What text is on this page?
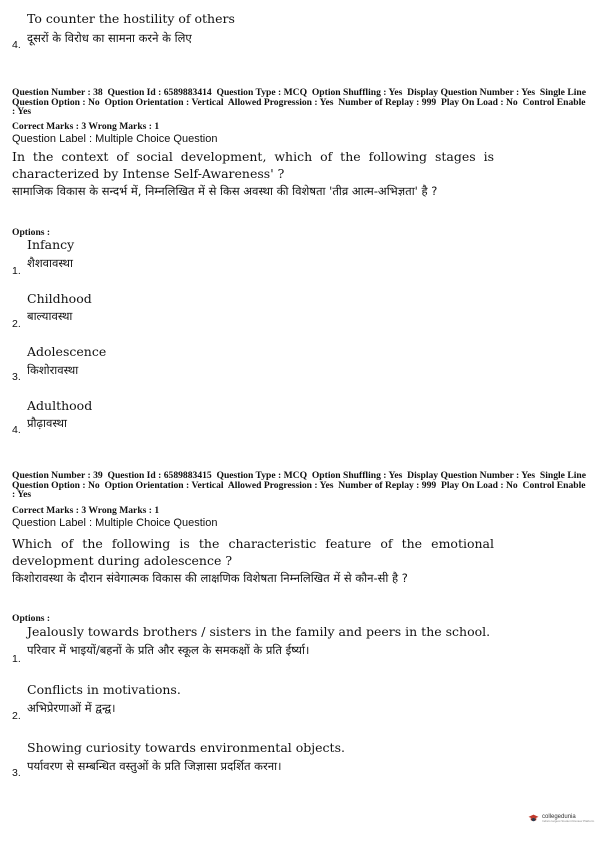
To counter the hostility of others
4. दूसरों के विरोध का सामना करने के लिए
Question Number : 38  Question Id : 6589883414  Question Type : MCQ  Option Shuffling : Yes  Display Question Number : Yes  Single Line Question Option : No  Option Orientation : Vertical  Allowed Progression : Yes  Number of Replay : 999  Play On Load : No  Control Enable : Yes
Correct Marks : 3 Wrong Marks : 1
Question Label : Multiple Choice Question
In the context of social development, which of the following stages is characterized by Intense Self-Awareness' ?
सामाजिक विकास के सन्दर्भ में, निम्नलिखित में से किस अवस्था की विशेषता 'तीव्र आत्म-अभिज्ञता' है ?
Options :
Infancy
1.
शैशवावस्था
Childhood
2.
बाल्यावस्था
Adolescence
3. किशोरावस्था
Adulthood
4. प्रौढ़ावस्था
Question Number : 39  Question Id : 6589883415  Question Type : MCQ  Option Shuffling : Yes  Display Question Number : Yes  Single Line Question Option : No  Option Orientation : Vertical  Allowed Progression : Yes  Number of Replay : 999  Play On Load : No  Control Enable : Yes
Correct Marks : 3 Wrong Marks : 1
Question Label : Multiple Choice Question
Which of the following is the characteristic feature of the emotional development during adolescence ?
किशोरावस्था के दौरान संवेगात्मक विकास की लाक्षणिक विशेषता निम्नलिखित में से कौन-सी है ?
Options :
Jealously towards brothers / sisters in the family and peers in the school.
1.
परिवार में भाइयों/बहनों के प्रति और स्कूल के समकक्षों के प्रति ईर्ष्या।
Conflicts in motivations.
2.
अभिप्रेरणाओं में द्वन्द्व।
Showing curiosity towards environmental objects.
3. पर्यावरण से सम्बन्धित वस्तुओं के प्रति जिज्ञासा प्रदर्शित करना।
collegedunia
India's largest Student Review Platform
